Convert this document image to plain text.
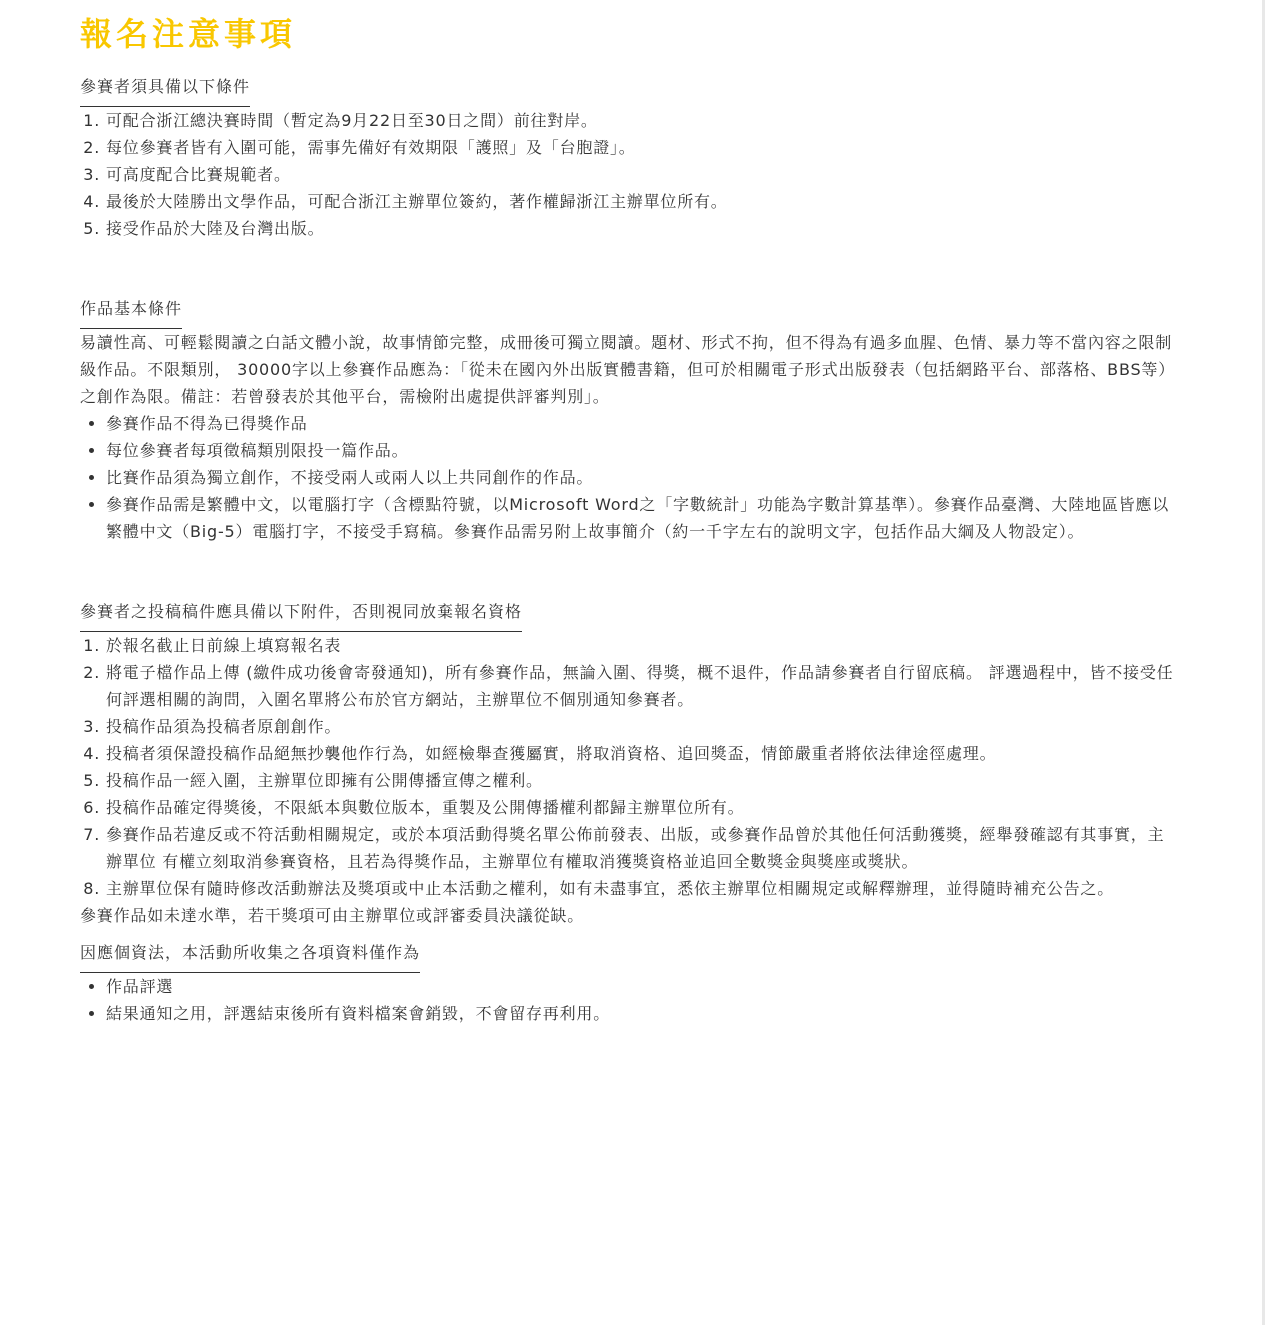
報名注意事項
參賽者須具備以下條件
1. 可配合浙江總決賽時間（暫定為9月22日至30日之間）前往對岸。
2. 每位參賽者皆有入圍可能，需事先備好有效期限「護照」及「台胞證」。
3. 可高度配合比賽規範者。
4. 最後於大陸勝出文學作品，可配合浙江主辦單位簽約，著作權歸浙江主辦單位所有。
5. 接受作品於大陸及台灣出版。
作品基本條件

易讀性高、可輕鬆閱讀之白話文體小說，故事情節完整，成冊後可獨立閱讀。題材、形式不拘，但不得為有過多血腥、色情、暴力等不當內容之限制級作品。不限類別， 30000字以上參賽作品應為：「從未在國內外出版實體書籍，但可於相關電子形式出版發表（包括網路平台、部落格、BBS等）之創作為限。備註：若曾發表於其他平台，需檢附出處提供評審判別」。

• 參賽作品不得為已得獎作品
• 每位參賽者每項徵稿類別限投一篇作品。
• 比賽作品須為獨立創作，不接受兩人或兩人以上共同創作的作品。
• 參賽作品需是繁體中文，以電腦打字（含標點符號，以Microsoft Word之「字數統計」功能為字數計算基準）。參賽作品臺灣、大陸地區皆應以繁體中文（Big-5）電腦打字，不接受手寫稿。參賽作品需另附上故事簡介（約一千字左右的說明文字，包括作品大綱及人物設定）。
參賽者之投稿稿件應具備以下附件，否則視同放棄報名資格
1. 於報名截止日前線上填寫報名表
2. 將電子檔作品上傳 (繳件成功後會寄發通知)，所有參賽作品，無論入圍、得獎，概不退件，作品請參賽者自行留底稿。 評選過程中，皆不接受任何評選相關的詢問，入圍名單將公布於官方網站，主辦單位不個別通知參賽者。
3. 投稿作品須為投稿者原創創作。
4. 投稿者須保證投稿作品絕無抄襲他作行為，如經檢舉查獲屬實，將取消資格、追回獎盃，情節嚴重者將依法律途徑處理。
5. 投稿作品一經入圍，主辦單位即擁有公開傳播宣傳之權利。
6. 投稿作品確定得獎後，不限紙本與數位版本，重製及公開傳播權利都歸主辦單位所有。
7. 參賽作品若違反或不符活動相關規定，或於本項活動得獎名單公佈前發表、出版，或參賽作品曾於其他任何活動獲獎，經舉發確認有其事實，主辦單位 有權立刻取消參賽資格，且若為得獎作品，主辦單位有權取消獲獎資格並追回全數獎金與獎座或獎狀。
8. 主辦單位保有隨時修改活動辦法及獎項或中止本活動之權利，如有未盡事宜，悉依主辦單位相關規定或解釋辦理，並得隨時補充公告之。

參賽作品如未達水準，若干獎項可由主辦單位或評審委員決議從缺。

因應個資法，本活動所收集之各項資料僅作為
• 作品評選
• 結果通知之用，評選結束後所有資料檔案會銷毀，不會留存再利用。
